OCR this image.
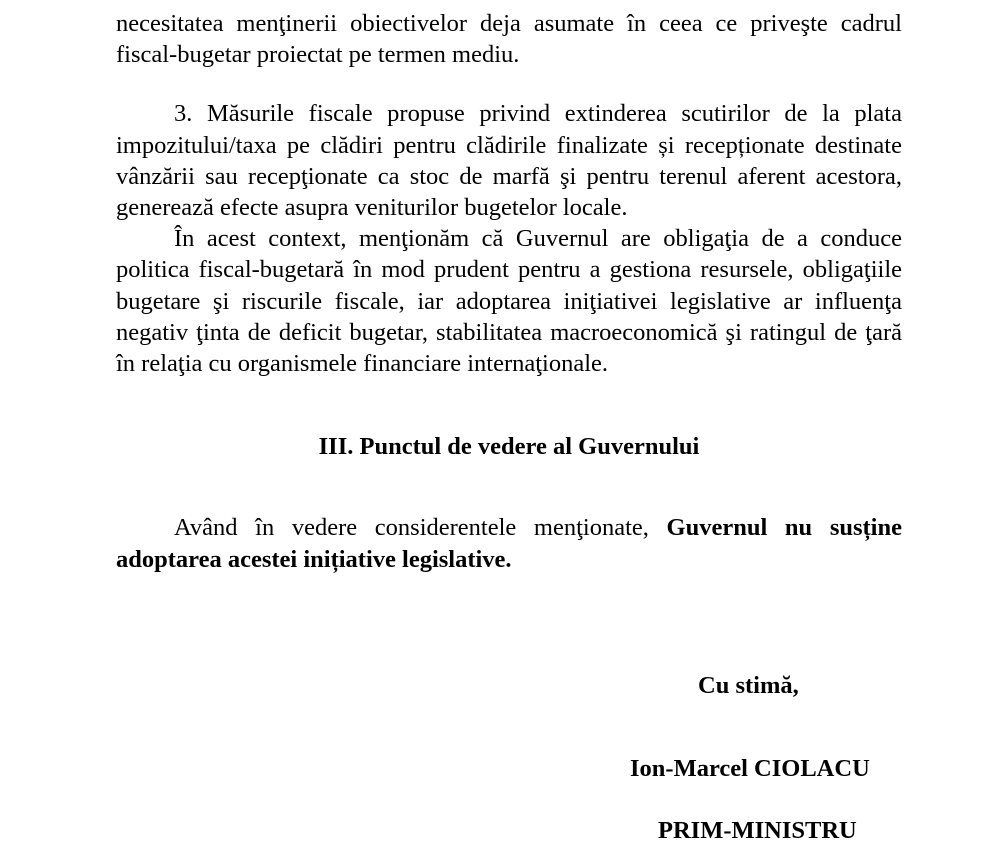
necesitatea menţinerii obiectivelor deja asumate în ceea ce priveşte cadrul fiscal-bugetar proiectat pe termen mediu.

3. Măsurile fiscale propuse privind extinderea scutirilor de la plata impozitului/taxa pe clădiri pentru clădirile finalizate și recepționate destinate vânzării sau recepţionate ca stoc de marfă şi pentru terenul aferent acestora, generează efecte asupra veniturilor bugetelor locale.

În acest context, menţionăm că Guvernul are obligaţia de a conduce politica fiscal-bugetară în mod prudent pentru a gestiona resursele, obligaţiile bugetare şi riscurile fiscale, iar adoptarea iniţiativei legislative ar influenţa negativ ţinta de deficit bugetar, stabilitatea macroeconomică şi ratingul de ţară în relaţia cu organismele financiare internaţionale.

III. Punctul de vedere al Guvernului

Având în vedere considerentele menţionate, Guvernul nu susține adoptarea acestei inițiative legislative.

Cu stimă,
Ion-Marcel CIOLACU
PRIM-MINISTRU
